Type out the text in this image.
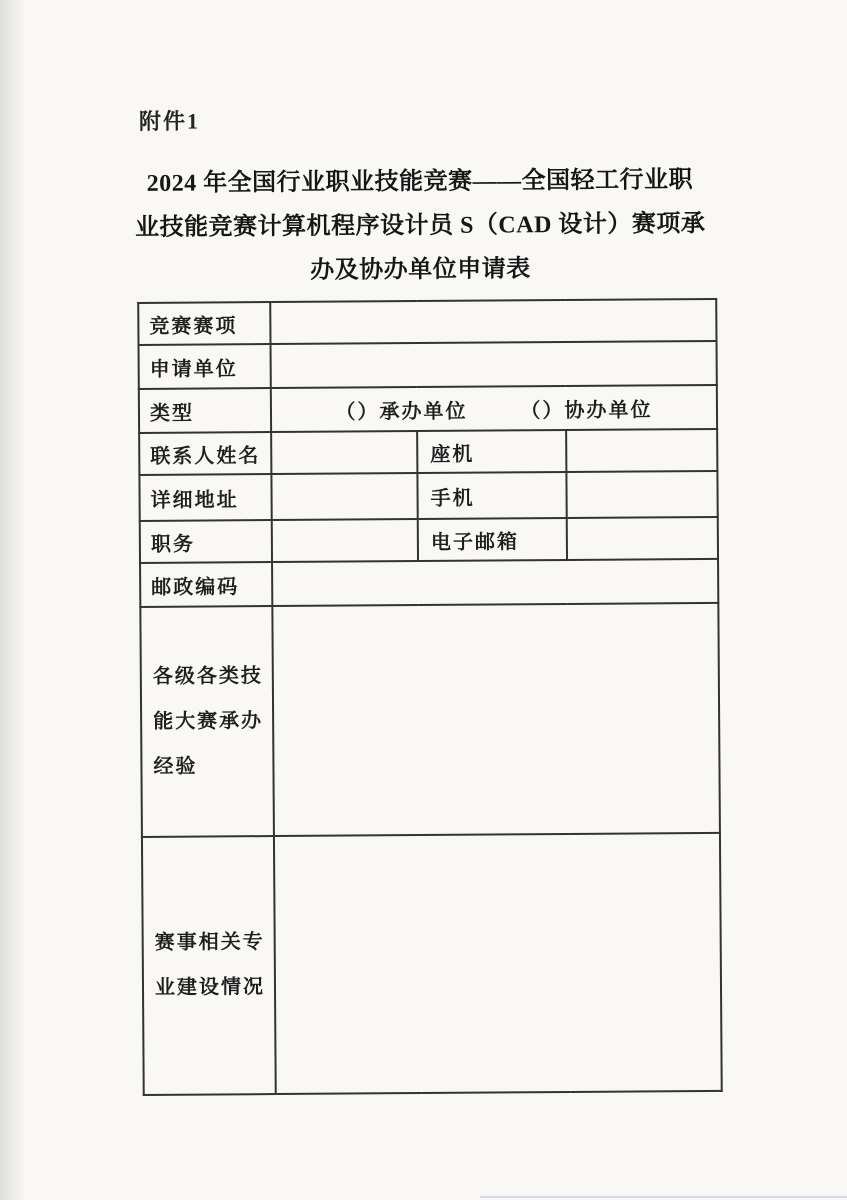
附件1
2024 年全国行业职业技能竞赛——全国轻工行业职
业技能竞赛计算机程序设计员 S（CAD 设计）赛项承
办及协办单位申请表
竞赛赛项			
申请单位			
类型	（）承办单位 （）协办单位		

联系人姓名		座机	
详细地址		手机	
职务		电子邮箱	
邮政编码			

各级各类技能大赛承办经验			

赛事相关专业建设情况			
